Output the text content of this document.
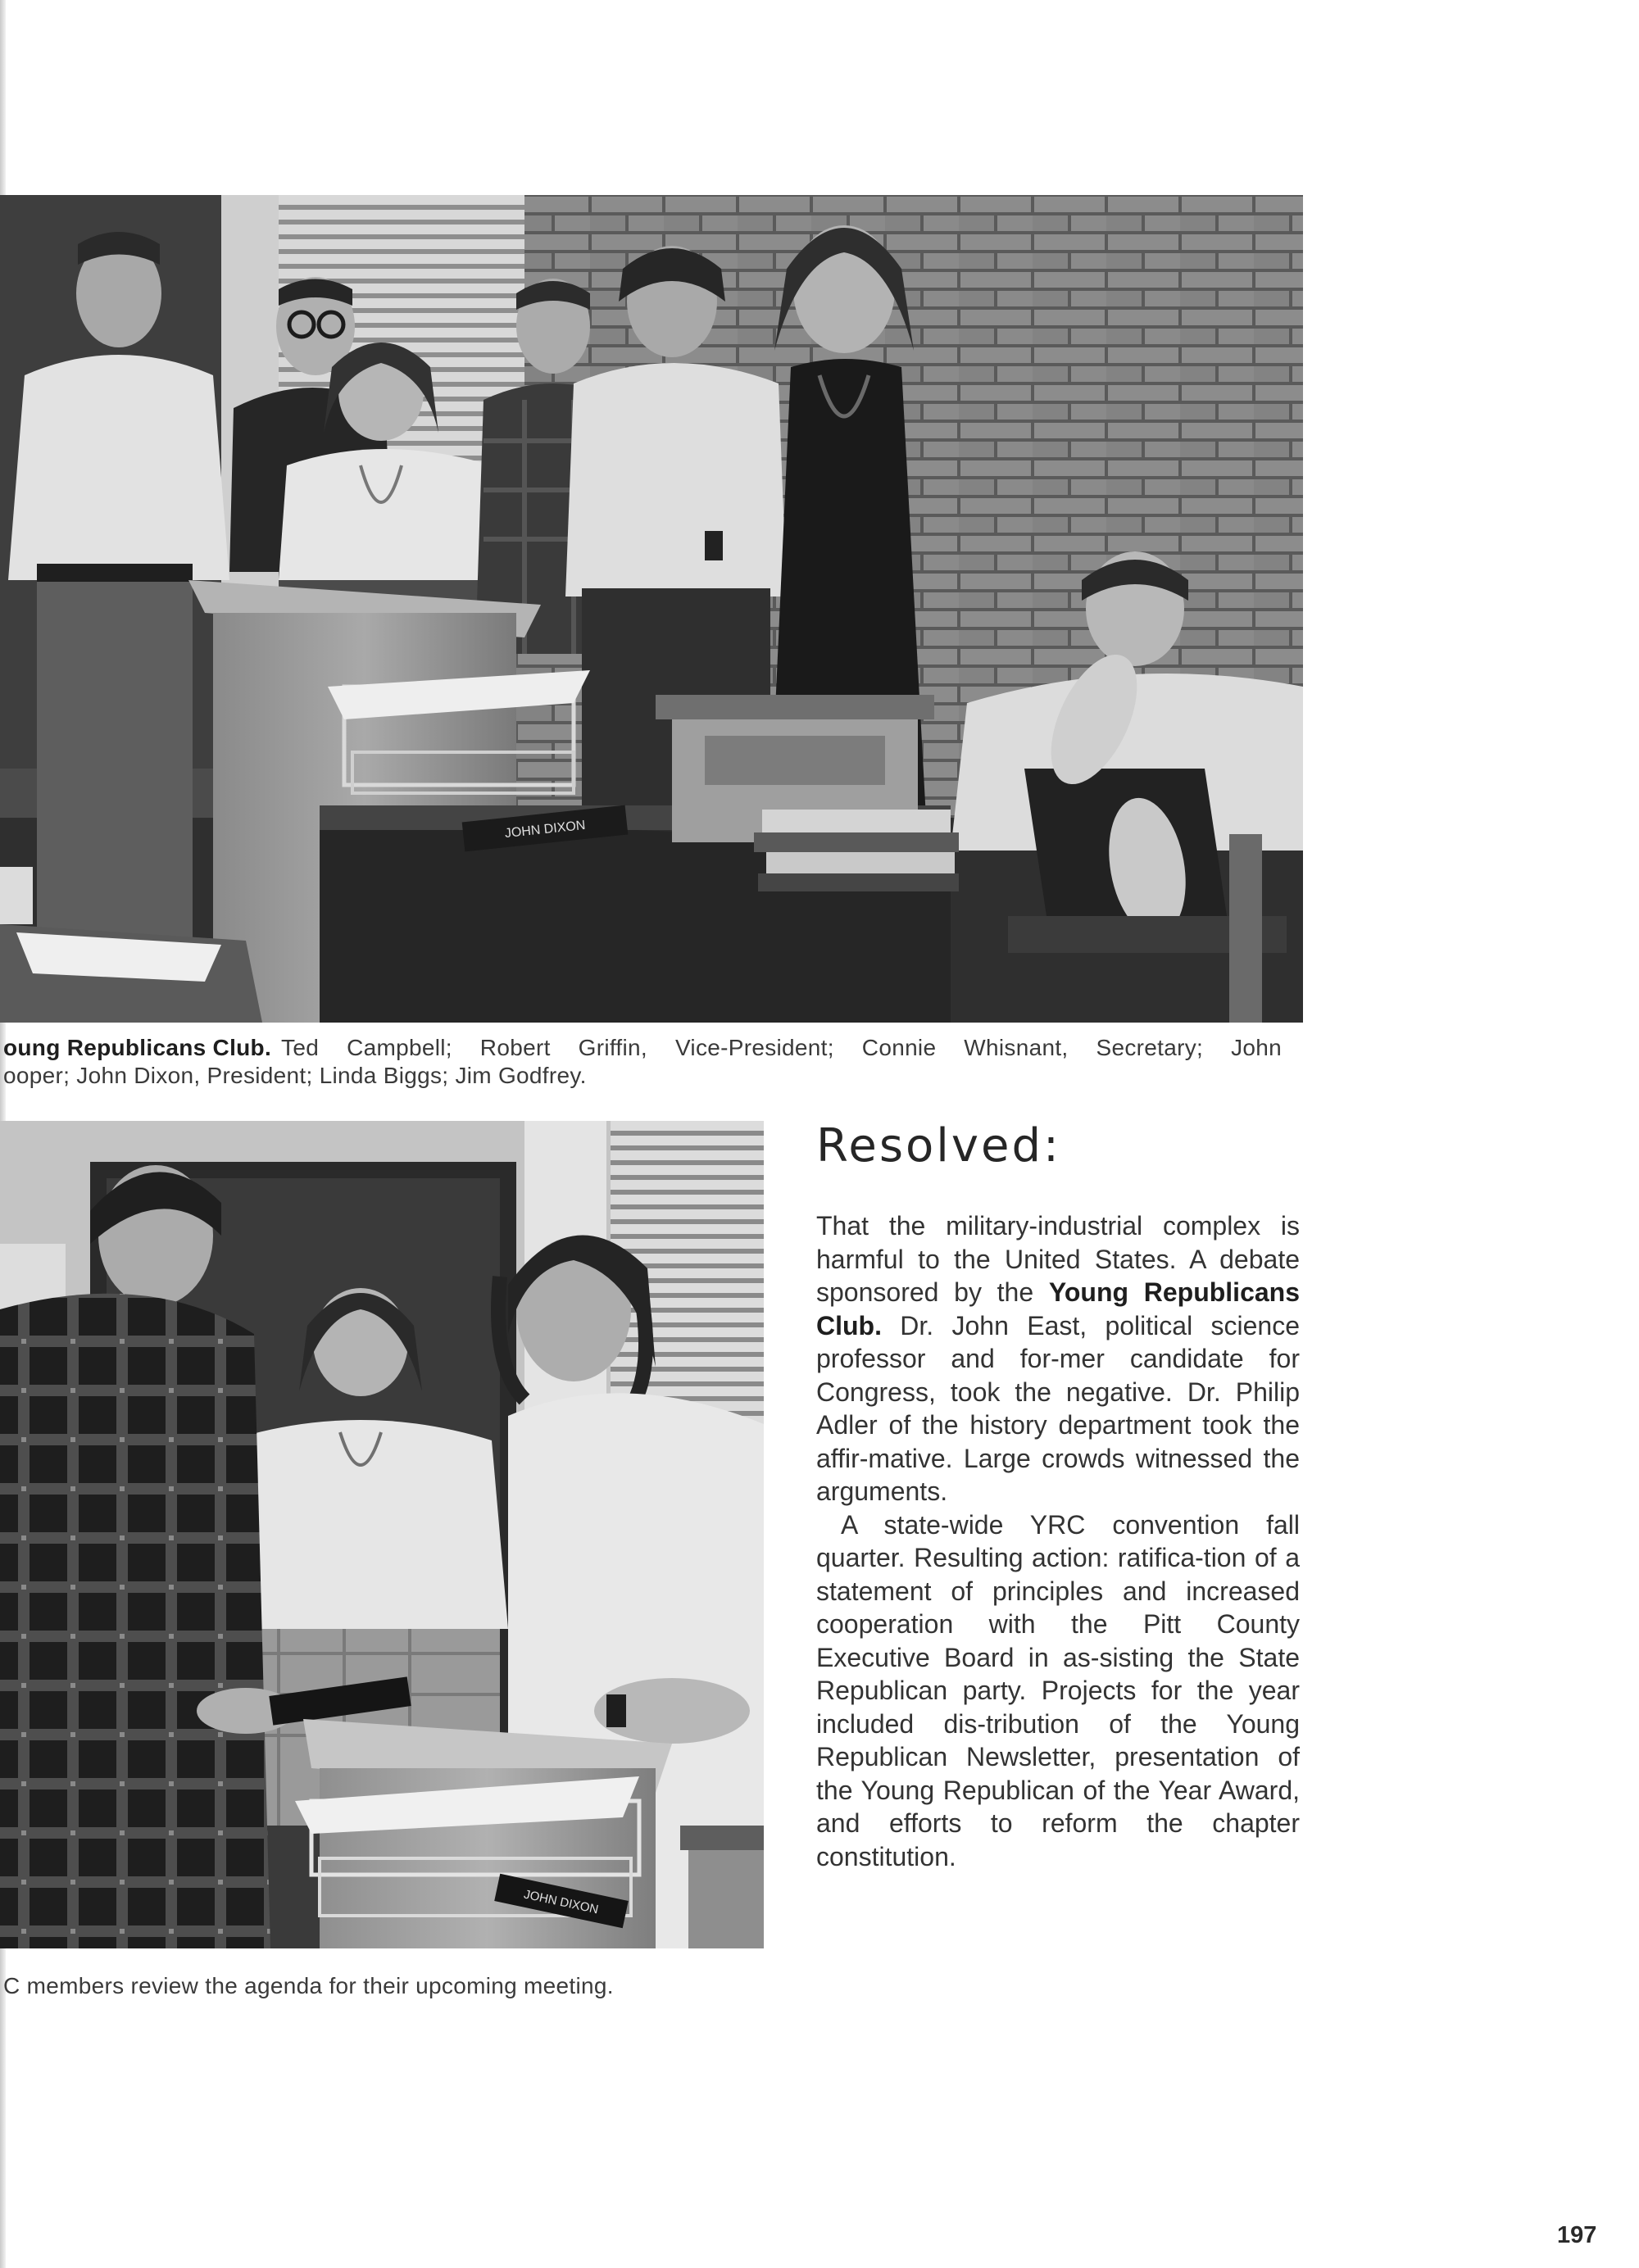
JOHN DIXON
oung Republicans Club. Ted Campbell; Robert Griffin, Vice-President; Connie Whisnant, Secretary; John
ooper; John Dixon, President; Linda Biggs; Jim Godfrey.
JOHN DIXON
C members review the agenda for their upcoming meeting.
Resolved:

That the military-industrial complex is harmful to the United States. A debate sponsored by the Young Republicans Club. Dr. John East, political science professor and for-mer candidate for Congress, took the negative. Dr. Philip Adler of the history department took the affir-mative. Large crowds witnessed the arguments.

A state-wide YRC convention fall quarter. Resulting action: ratifica-tion of a statement of principles and increased cooperation with the Pitt County Executive Board in as-sisting the State Republican party. Projects for the year included dis-tribution of the Young Republican Newsletter, presentation of the Young Republican of the Year Award, and efforts to reform the chapter constitution.

197
